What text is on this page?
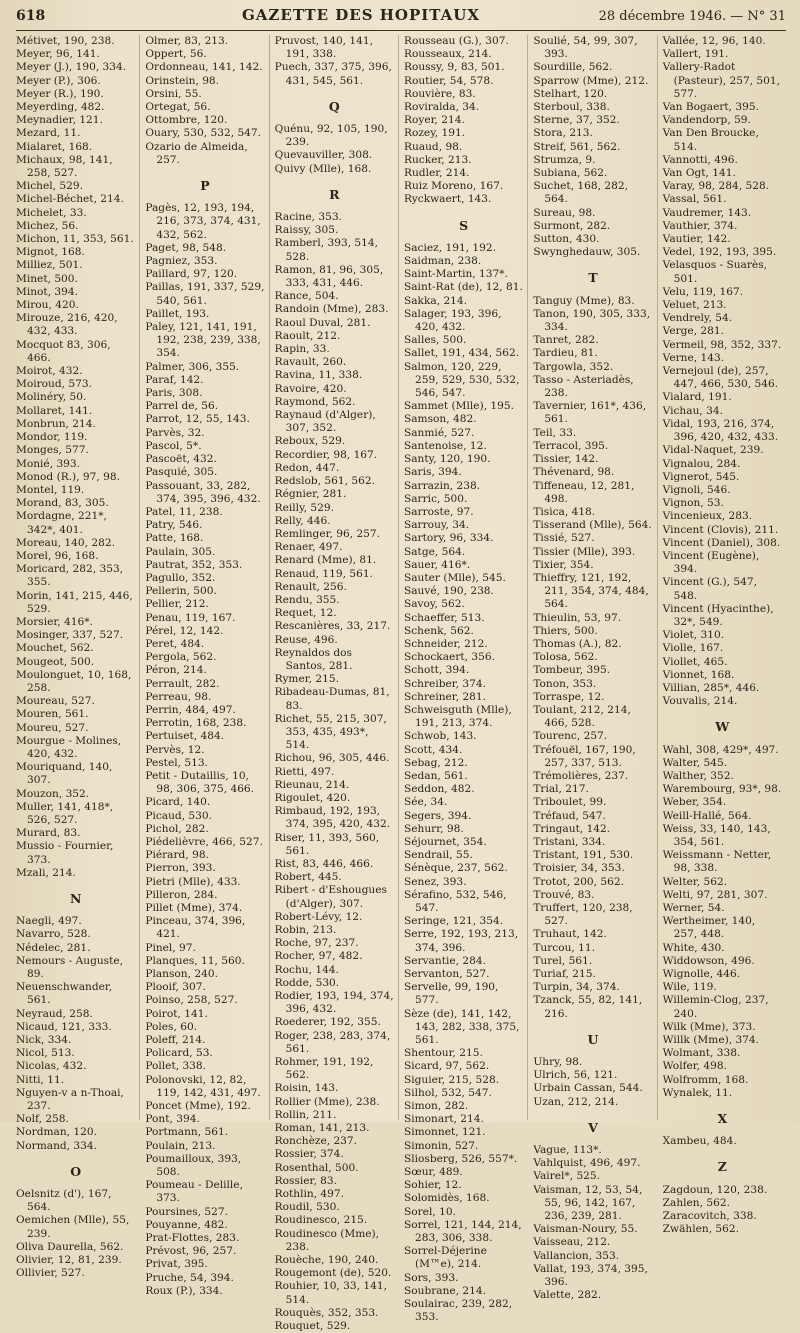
618	GAZETTE DES HOPITAUX	28 décembre 1946. — N° 31
Métivet, 190, 238.
Meyer, 96, 141.
Meyer (J.), 190, 334.
Meyer (P.), 306.
Meyer (R.), 190.
Meyerding, 482.
Meynadier, 121.
Mezard, 11.
Mialaret, 168.
Michaux, 98, 141, 258, 527.
Michel, 529.
Michel-Béchet, 214.
Michelet, 33.
Michez, 56.
Michon, 11, 353, 561.
Mignot, 168.
Milliez, 501.
Minet, 500.
Minot, 394.
Mirou, 420.
Mirouze, 216, 420, 432, 433.
Mocquot 83, 306, 466.
Moirot, 432.
Moiroud, 573.
Molinéry, 50.
Mollaret, 141.
Monbrun, 214.
Mondor, 119.
Monges, 577.
Monié, 393.
Monod (R.), 97, 98.
Montel, 119.
Morand, 83, 305.
Mordagne, 221*, 342*, 401.
Moreau, 140, 282.
Morel, 96, 168.
Moricard, 282, 353, 355.
Morin, 141, 215, 446, 529.
Morsier, 416*.
Mosinger, 337, 527.
Mouchet, 562.
Mougeot, 500.
Moulonguet, 10, 168, 258.
Moureau, 527.
Mouren, 561.
Moureu, 527.
Mourgue - Molines, 420, 432.
Mouriquand, 140, 307.
Mouzon, 352.
Muller, 141, 418*, 526, 527.
Murard, 83.
Mussio - Fournier, 373.
Mzali, 214.
N
Naegli, 497.
Navarro, 528.
Nédelec, 281.
Nemours - Auguste, 89.
Neuenschwander, 561.
Neyraud, 258.
Nicaud, 121, 333.
Nick, 334.
Nicol, 513.
Nicolas, 432.
Nitti, 11.
Nguyen-v a n-Thoai, 237.
Nolf, 258.
Nordman, 120.
Normand, 334.
O
Oelsnitz (d'), 167, 564.
Oemichen (Mlle), 55, 239.
Oliva Daurella, 562.
Olivier, 12, 81, 239.
Ollivier, 527.
Olmer, 83, 213.
Oppert, 56.
Ordonneau, 141, 142.
Orinstein, 98.
Orsini, 55.
Ortegat, 56.
Ottombre, 120.
Ouary, 530, 532, 547.
Ozario de Almeida, 257.
P
Pagès, 12, 193, 194, 216, 373, 374, 431, 432, 562.
Paget, 98, 548.
Pagniez, 353.
Paillard, 97, 120.
Paillas, 191, 337, 529, 540, 561.
Paillet, 193.
Paley, 121, 141, 191, 192, 238, 239, 338, 354.
Palmer, 306, 355.
Paraf, 142.
Paris, 308.
Parrel de, 56.
Parrot, 12, 55, 143.
Parvès, 32.
Pascol, 5*.
Pascoët, 432.
Pasquié, 305.
Passouant, 33, 282, 374, 395, 396, 432.
Patel, 11, 238.
Patry, 546.
Patte, 168.
Paulain, 305.
Pautrat, 352, 353.
Pagullo, 352.
Pellerin, 500.
Pellier, 212.
Penau, 119, 167.
Pérel, 12, 142.
Peret, 484.
Pergola, 562.
Péron, 214.
Perrault, 282.
Perreau, 98.
Perrin, 484, 497.
Perrotin, 168, 238.
Pertuiset, 484.
Pervès, 12.
Pestel, 513.
Petit - Dutaillis, 10, 98, 306, 375, 466.
Picard, 140.
Picaud, 530.
Pichol, 282.
Piédelièvre, 466, 527.
Piérard, 98.
Pierron, 393.
Pietri (Mlle), 433.
Pilleron, 284.
Pillet (Mme), 374.
Pinceau, 374, 396, 421.
Pinel, 97.
Planques, 11, 560.
Planson, 240.
Plooif, 307.
Poinso, 258, 527.
Poirot, 141.
Poles, 60.
Poleff, 214.
Policard, 53.
Pollet, 338.
Polonovski, 12, 82, 119, 142, 431, 497.
Poncet (Mme), 192.
Pont, 394.
Portmann, 561.
Poulain, 213.
Poumailloux, 393, 508.
Poumeau - Delille, 373.
Poursines, 527.
Pouyanne, 482.
Prat-Flottes, 283.
Prévost, 96, 257.
Privat, 395.
Pruche, 54, 394.
Roux (P.), 334.
Pruvost, 140, 141, 191, 338.
Puech, 337, 375, 396, 431, 545, 561.
Q
Quénu, 92, 105, 190, 239.
Quevauviller, 308.
Quivy (Mlle), 168.
R
Racine, 353.
Raissy, 305.
Ramberl, 393, 514, 528.
Ramon, 81, 96, 305, 333, 431, 446.
Rance, 504.
Randoin (Mme), 283.
Raoul Duval, 281.
Raoult, 212.
Rapin, 33.
Ravault, 260.
Ravina, 11, 338.
Ravoire, 420.
Raymond, 562.
Raynaud (d'Alger), 307, 352.
Reboux, 529.
Recordier, 98, 167.
Redon, 447.
Redslob, 561, 562.
Régnier, 281.
Reilly, 529.
Relly, 446.
Remlinger, 96, 257.
Renaer, 497.
Renard (Mme), 81.
Renaud, 119, 561.
Renault, 256.
Rendu, 355.
Requet, 12.
Rescanières, 33, 217.
Reuse, 496.
Reynaldos dos Santos, 281.
Rymer, 215.
Ribadeau-Dumas, 81, 83.
Richet, 55, 215, 307, 353, 435, 493*, 514.
Richou, 96, 305, 446.
Rietti, 497.
Rieunau, 214.
Rigoulet, 420.
Rimbaud, 192, 193, 374, 395, 420, 432.
Riser, 11, 393, 560, 561.
Rist, 83, 446, 466.
Robert, 445.
Ribert - d'Eshougues (d'Alger), 307.
Robert-Lévy, 12.
Robin, 213.
Roche, 97, 237.
Rocher, 97, 482.
Rochu, 144.
Rodde, 530.
Rodier, 193, 194, 374, 396, 432.
Roederer, 192, 355.
Roger, 238, 283, 374, 561.
Rohmer, 191, 192, 562.
Roisin, 143.
Rollier (Mme), 238.
Rollin, 211.
Roman, 141, 213.
Ronchèze, 237.
Rossier, 374.
Rosenthal, 500.
Rossier, 83.
Rothlin, 497.
Roudil, 530.
Roudinesco, 215.
Roudinesco (Mme), 238.
Rouèche, 190, 240.
Rougemont (de), 520.
Rouhier, 10, 33, 141, 514.
Rouquès, 352, 353.
Rouquet, 529.
Rousseau (G.), 307.
Rousseaux, 214.
Roussy, 9, 83, 501.
Routier, 54, 578.
Rouvière, 83.
Roviralda, 34.
Royer, 214.
Rozey, 191.
Ruaud, 98.
Rucker, 213.
Rudler, 214.
Ruiz Moreno, 167.
Ryckwaert, 143.
S
Saciez, 191, 192.
Saidman, 238.
Saint-Martin, 137*.
Saint-Rat (de), 12, 81.
Sakka, 214.
Salager, 193, 396, 420, 432.
Salles, 500.
Sallet, 191, 434, 562.
Salmon, 120, 229, 259, 529, 530, 532, 546, 547.
Sammet (Mlle), 195.
Samson, 482.
Sanmié, 527.
Santenoise, 12.
Santy, 120, 190.
Saris, 394.
Sarrazin, 238.
Sarric, 500.
Sarroste, 97.
Sarrouy, 34.
Sartory, 96, 334.
Satge, 564.
Sauer, 416*.
Sauter (Mlle), 545.
Sauvé, 190, 238.
Savoy, 562.
Schaeffer, 513.
Schenk, 562.
Schneider, 212.
Schockaert, 356.
Schott, 394.
Schreiber, 374.
Schreiner, 281.
Schweisguth (Mlle), 191, 213, 374.
Schwob, 143.
Scott, 434.
Sebag, 212.
Sedan, 561.
Seddon, 482.
Sée, 34.
Segers, 394.
Sehurr, 98.
Séjournet, 354.
Sendrail, 55.
Sénèque, 237, 562.
Senez, 393.
Sérafino, 532, 546, 547.
Seringe, 121, 354.
Serre, 192, 193, 213, 374, 396.
Servantie, 284.
Servanton, 527.
Servelle, 99, 190, 577.
Sèze (de), 141, 142, 143, 282, 338, 375, 561.
Shentour, 215.
Sicard, 97, 562.
Siguier, 215, 528.
Silhol, 532, 547.
Simon, 282.
Simonart, 214.
Simonnet, 121.
Simonin, 527.
Sliosberg, 526, 557*.
Sœur, 489.
Sohier, 12.
Solomidès, 168.
Sorel, 10.
Sorrel, 121, 144, 214, 283, 306, 338.
Sorrel-Déjerine (M™e), 214.
Sors, 393.
Soubrane, 214.
Soulairac, 239, 282, 353.
Soulié, 54, 99, 307, 393.
Sourdille, 562.
Sparrow (Mme), 212.
Stelhart, 120.
Sterboul, 338.
Sterne, 37, 352.
Stora, 213.
Streif, 561, 562.
Strumza, 9.
Subiana, 562.
Suchet, 168, 282, 564.
Sureau, 98.
Surmont, 282.
Sutton, 430.
Swynghedauw, 305.
T
Tanguy (Mme), 83.
Tanon, 190, 305, 333, 334.
Tanret, 282.
Tardieu, 81.
Targowla, 352.
Tasso - Asteriadès, 238.
Tavernier, 161*, 436, 561.
Teil, 33.
Terracol, 395.
Tissier, 142.
Thévenard, 98.
Tiffeneau, 12, 281, 498.
Tisica, 418.
Tisserand (Mlle), 564.
Tissié, 527.
Tissier (Mlle), 393.
Tixier, 354.
Thieffry, 121, 192, 211, 354, 374, 484, 564.
Thieulin, 53, 97.
Thiers, 500.
Thomas (A.), 82.
Tolosa, 562.
Tombeur, 395.
Tonon, 353.
Torraspe, 12.
Toulant, 212, 214, 466, 528.
Tourenc, 257.
Tréfouël, 167, 190, 257, 337, 513.
Trémolières, 237.
Trial, 217.
Triboulet, 99.
Tréfaud, 547.
Tringaut, 142.
Tristani, 334.
Tristant, 191, 530.
Troisier, 34, 353.
Trotot, 200, 562.
Trouvé, 83.
Truffert, 120, 238, 527.
Truhaut, 142.
Turcou, 11.
Turel, 561.
Turiaf, 215.
Turpin, 34, 374.
Tzanck, 55, 82, 141, 216.
U
Uhry, 98.
Ulrich, 56, 121.
Urbain Cassan, 544.
Uzan, 212, 214.
V
Vague, 113*.
Vahlquist, 496, 497.
Vairel*, 525.
Vaisman, 12, 53, 54, 55, 96, 142, 167, 236, 239, 281.
Vaisman-Noury, 55.
Vaisseau, 212.
Vallancion, 353.
Vallat, 193, 374, 395, 396.
Valette, 282.
Vallée, 12, 96, 140.
Vallert, 191.
Vallery-Radot (Pasteur), 257, 501, 577.
Van Bogaert, 395.
Vandendorp, 59.
Van Den Broucke, 514.
Vannotti, 496.
Van Ogt, 141.
Varay, 98, 284, 528.
Vassal, 561.
Vaudremer, 143.
Vauthier, 374.
Vautier, 142.
Vedel, 192, 193, 395.
Velasquos - Suarès, 501.
Velu, 119, 167.
Veluet, 213.
Vendrely, 54.
Verge, 281.
Vermeil, 98, 352, 337.
Verne, 143.
Vernejoul (de), 257, 447, 466, 530, 546.
Vialard, 191.
Vichau, 34.
Vidal, 193, 216, 374, 396, 420, 432, 433.
Vidal-Naquet, 239.
Vignalou, 284.
Vignerot, 545.
Vignoli, 546.
Vignon, 53.
Vincenieux, 283.
Vincent (Clovis), 211.
Vincent (Daniel), 308.
Vincent (Eugène), 394.
Vincent (G.), 547, 548.
Vincent (Hyacinthe), 32*, 549.
Violet, 310.
Violle, 167.
Viollet, 465.
Vionnet, 168.
Villian, 285*, 446.
Vouvalis, 214.
W
Wahl, 308, 429*, 497.
Walter, 545.
Walther, 352.
Warembourg, 93*, 98.
Weber, 354.
Weill-Hallé, 564.
Weiss, 33, 140, 143, 354, 561.
Weissmann - Netter, 98, 338.
Welter, 562.
Welti, 97, 281, 307.
Werner, 54.
Wertheimer, 140, 257, 448.
White, 430.
Widdowson, 496.
Wignolle, 446.
Wile, 119.
Willemin-Clog, 237, 240.
Wilk (Mme), 373.
Willk (Mme), 374.
Wolmant, 338.
Wolfer, 498.
Wolfromm, 168.
Wynalek, 11.
X
Xambeu, 484.
Z
Zagdoun, 120, 238.
Zahlen, 562.
Zaracovitch, 338.
Zwählen, 562.
